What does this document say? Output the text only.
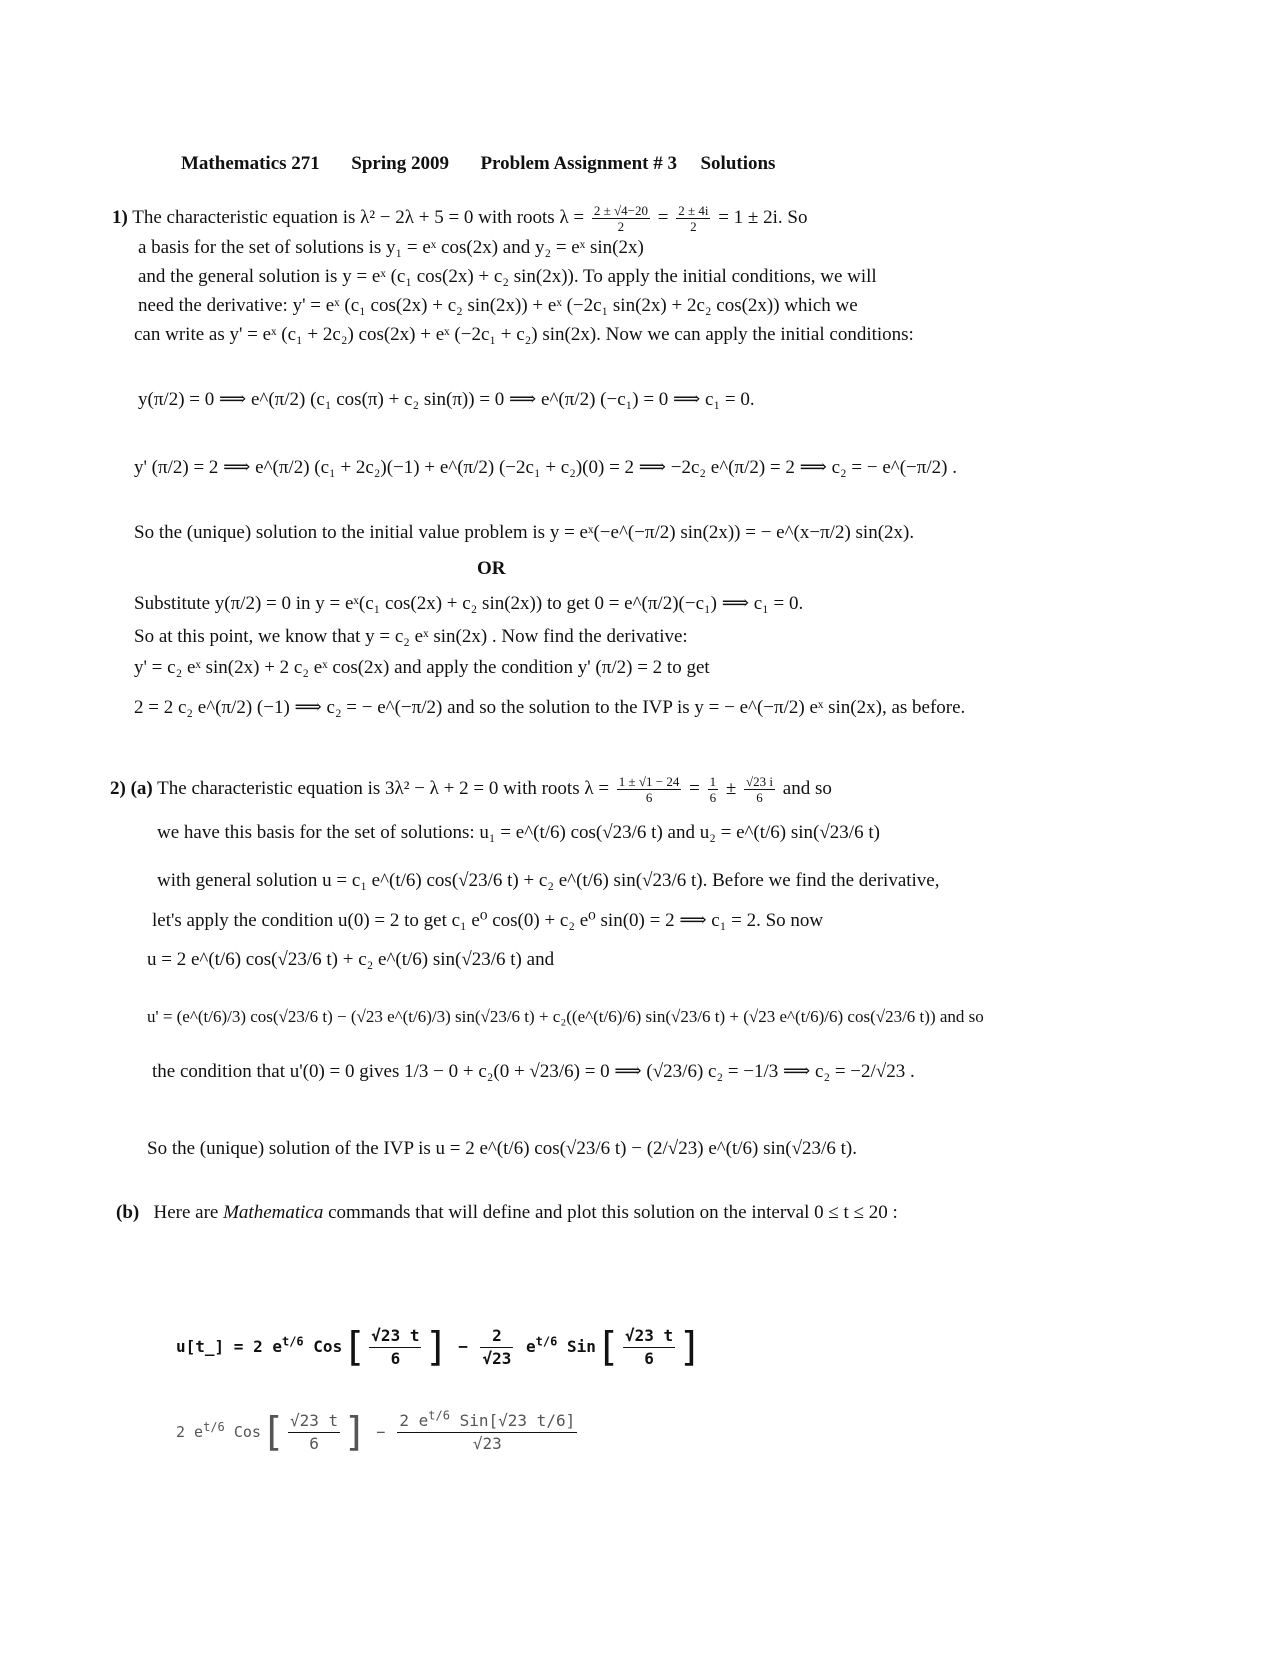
Mathematics 271 Spring 2009 Problem Assignment # 3 Solutions
1) The characteristic equation is λ² − 2λ + 5 = 0 with roots $\lambda = \frac{2 \pm √4-20}{2} = \frac{2 \pm 4i}{2} = 1 \pm 2i$. So
a basis for the set of solutions is y₁ = eˣ cos(2x) and y₂ = eˣ sin(2x)
and the general solution is y = eˣ (c₁ cos(2x) + c₂ sin(2x)). To apply the initial conditions, we will
need the derivative: y' = eˣ (c₁ cos(2x) + c₂ sin(2x)) + eˣ (−2c₁ sin(2x) + 2c₂ cos(2x)) which we
can write as y' = eˣ (c₁ + 2c₂) cos(2x) + eˣ (−2c₁ + c₂) sin(2x). Now we can apply the initial conditions:
y(π/2) = 0 ⟹ e^(π/2) (c₁ cos(π) + c₂ sin(π)) = 0 ⟹ e^(π/2) (−c₁) = 0 ⟹ c₁ = 0.
y' (π/2) = 2 ⟹ e^(π/2) (c₁ + 2c₂)(−1) + e^(π/2) (−2c₁ + c₂)(0) = 2 ⟹ −2c₂ e^(π/2) = 2 ⟹ c₂ = − e^(−π/2) .
So the (unique) solution to the initial value problem is y = eˣ(−e^(−π/2) sin(2x)) = − e^(x−π/2) sin(2x).
OR
Substitute y(π/2) = 0 in y = eˣ(c₁ cos(2x) + c₂ sin(2x)) to get 0 = e^(π/2)(−c₁) ⟹ c₁ = 0.
So at this point, we know that y = c₂ eˣ sin(2x) . Now find the derivative:
y' = c₂ eˣ sin(2x) + 2 c₂ eˣ cos(2x) and apply the condition y' (π/2) = 2 to get
2 = 2 c₂ e^(π/2) (−1) ⟹ c₂ = − e^(−π/2) and so the solution to the IVP is y = − e^(−π/2) eˣ sin(2x), as before.
2) (a) The characteristic equation is 3λ² − λ + 2 = 0 with roots $\lambda = \frac{1 \pm √1 - 24}{6} = \frac{1}{6} \pm \frac{√23 i}{6}$ and so
we have this basis for the set of solutions: u₁ = e^(t/6) cos(√23/6 t) and u₂ = e^(t/6) sin(√23/6 t)
with general solution u = c₁ e^(t/6) cos(√23/6 t) + c₂ e^(t/6) sin(√23/6 t). Before we find the derivative,
let's apply the condition u(0) = 2 to get c₁ e⁰ cos(0) + c₂ e⁰ sin(0) = 2 ⟹ c₁ = 2. So now
u = 2 e^(t/6) cos(√23/6 t) + c₂ e^(t/6) sin(√23/6 t) and
u' = (e^(t/6)/3) cos(√23/6 t) − (√23 e^(t/6)/3) sin(√23/6 t) + c₂((e^(t/6)/6) sin(√23/6 t) + (√23 e^(t/6)/6) cos(√23/6 t)) and so
the condition that u'(0) = 0 gives 1/3 − 0 + c₂(0 + √23/6) = 0 ⟹ (√23/6) c₂ = −1/3 ⟹ c₂ = −2/√23 .
So the (unique) solution of the IVP is u = 2 e^(t/6) cos(√23/6 t) − (2/√23) e^(t/6) sin(√23/6 t).
(b) Here are Mathematica commands that will define and plot this solution on the interval 0 ≤ t ≤ 20 :
u[t_] = 2 $e^{t/6}$ $Cos[ \frac{√23 t}{6}$ ] − $\frac{2}{√23} e^{t/6}$ $Sin[ \frac{√23 t}{6}$ ]
2 $e^{t/6}$ $Cos[ \frac{√23 t}{6}$ ] − $\frac{2 e^{t/6} Sin[√23 t/6]}{√23}$
